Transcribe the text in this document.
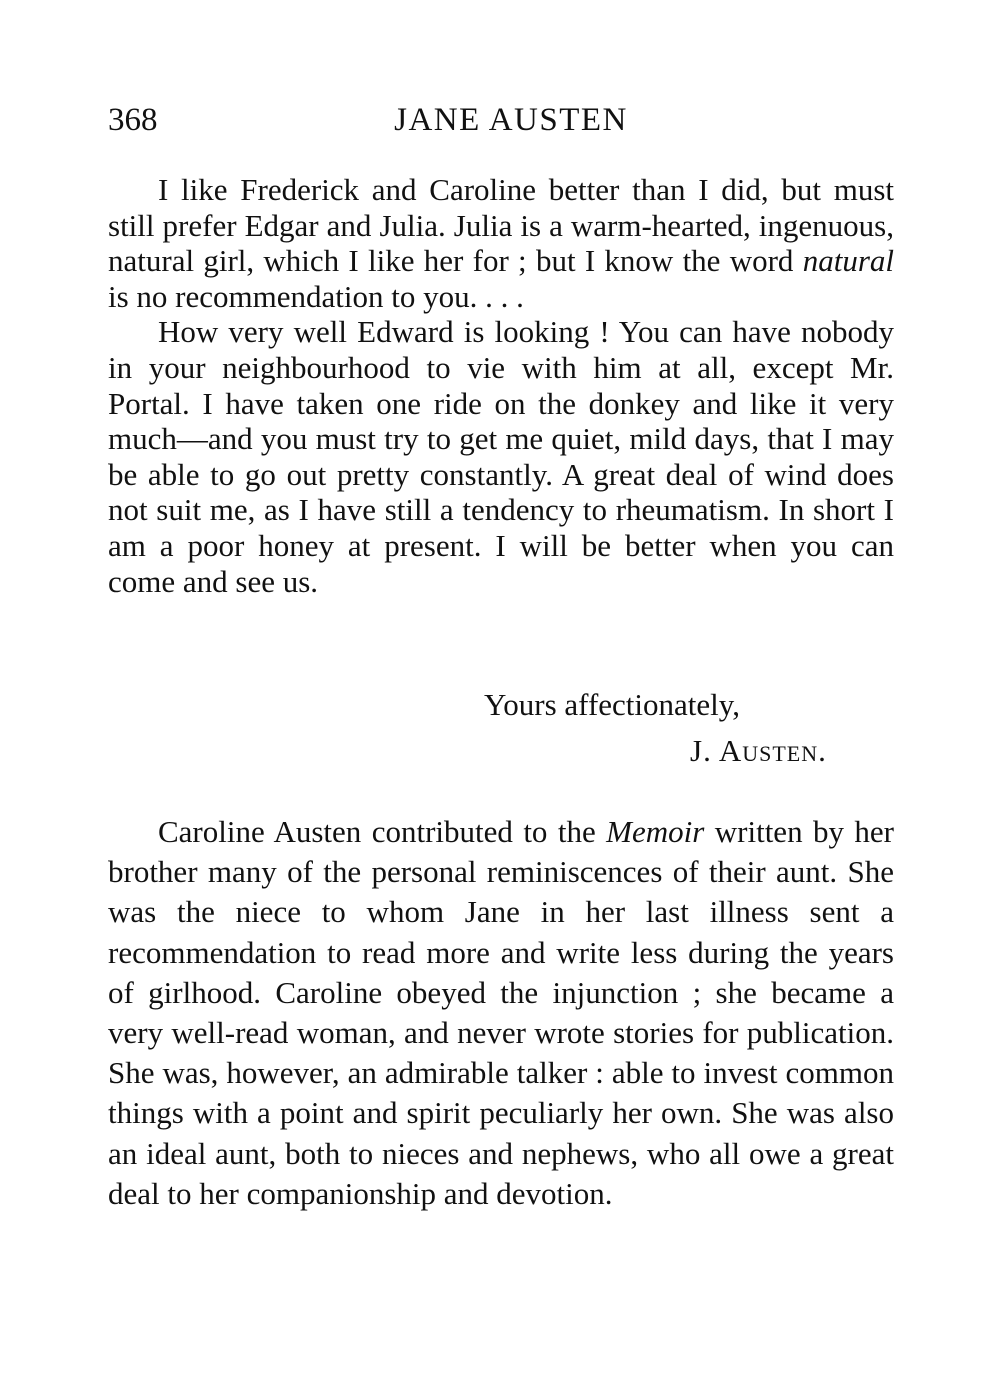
368	JANE AUSTEN

I like Frederick and Caroline better than I did, but must still prefer Edgar and Julia. Julia is a warm-hearted, ingenuous, natural girl, which I like her for ; but I know the word natural is no recommendation to you. . . .

How very well Edward is looking ! You can have nobody in your neighbourhood to vie with him at all, except Mr. Portal. I have taken one ride on the donkey and like it very much—and you must try to get me quiet, mild days, that I may be able to go out pretty constantly. A great deal of wind does not suit me, as I have still a tendency to rheumatism. In short I am a poor honey at present. I will be better when you can come and see us.

Yours affectionately,
J. Austen.

Caroline Austen contributed to the Memoir written by her brother many of the personal reminiscences of their aunt. She was the niece to whom Jane in her last illness sent a recommendation to read more and write less during the years of girlhood. Caroline obeyed the injunction ; she became a very well-read woman, and never wrote stories for publication. She was, however, an admirable talker : able to invest common things with a point and spirit peculiarly her own. She was also an ideal aunt, both to nieces and nephews, who all owe a great deal to her companionship and devotion.
